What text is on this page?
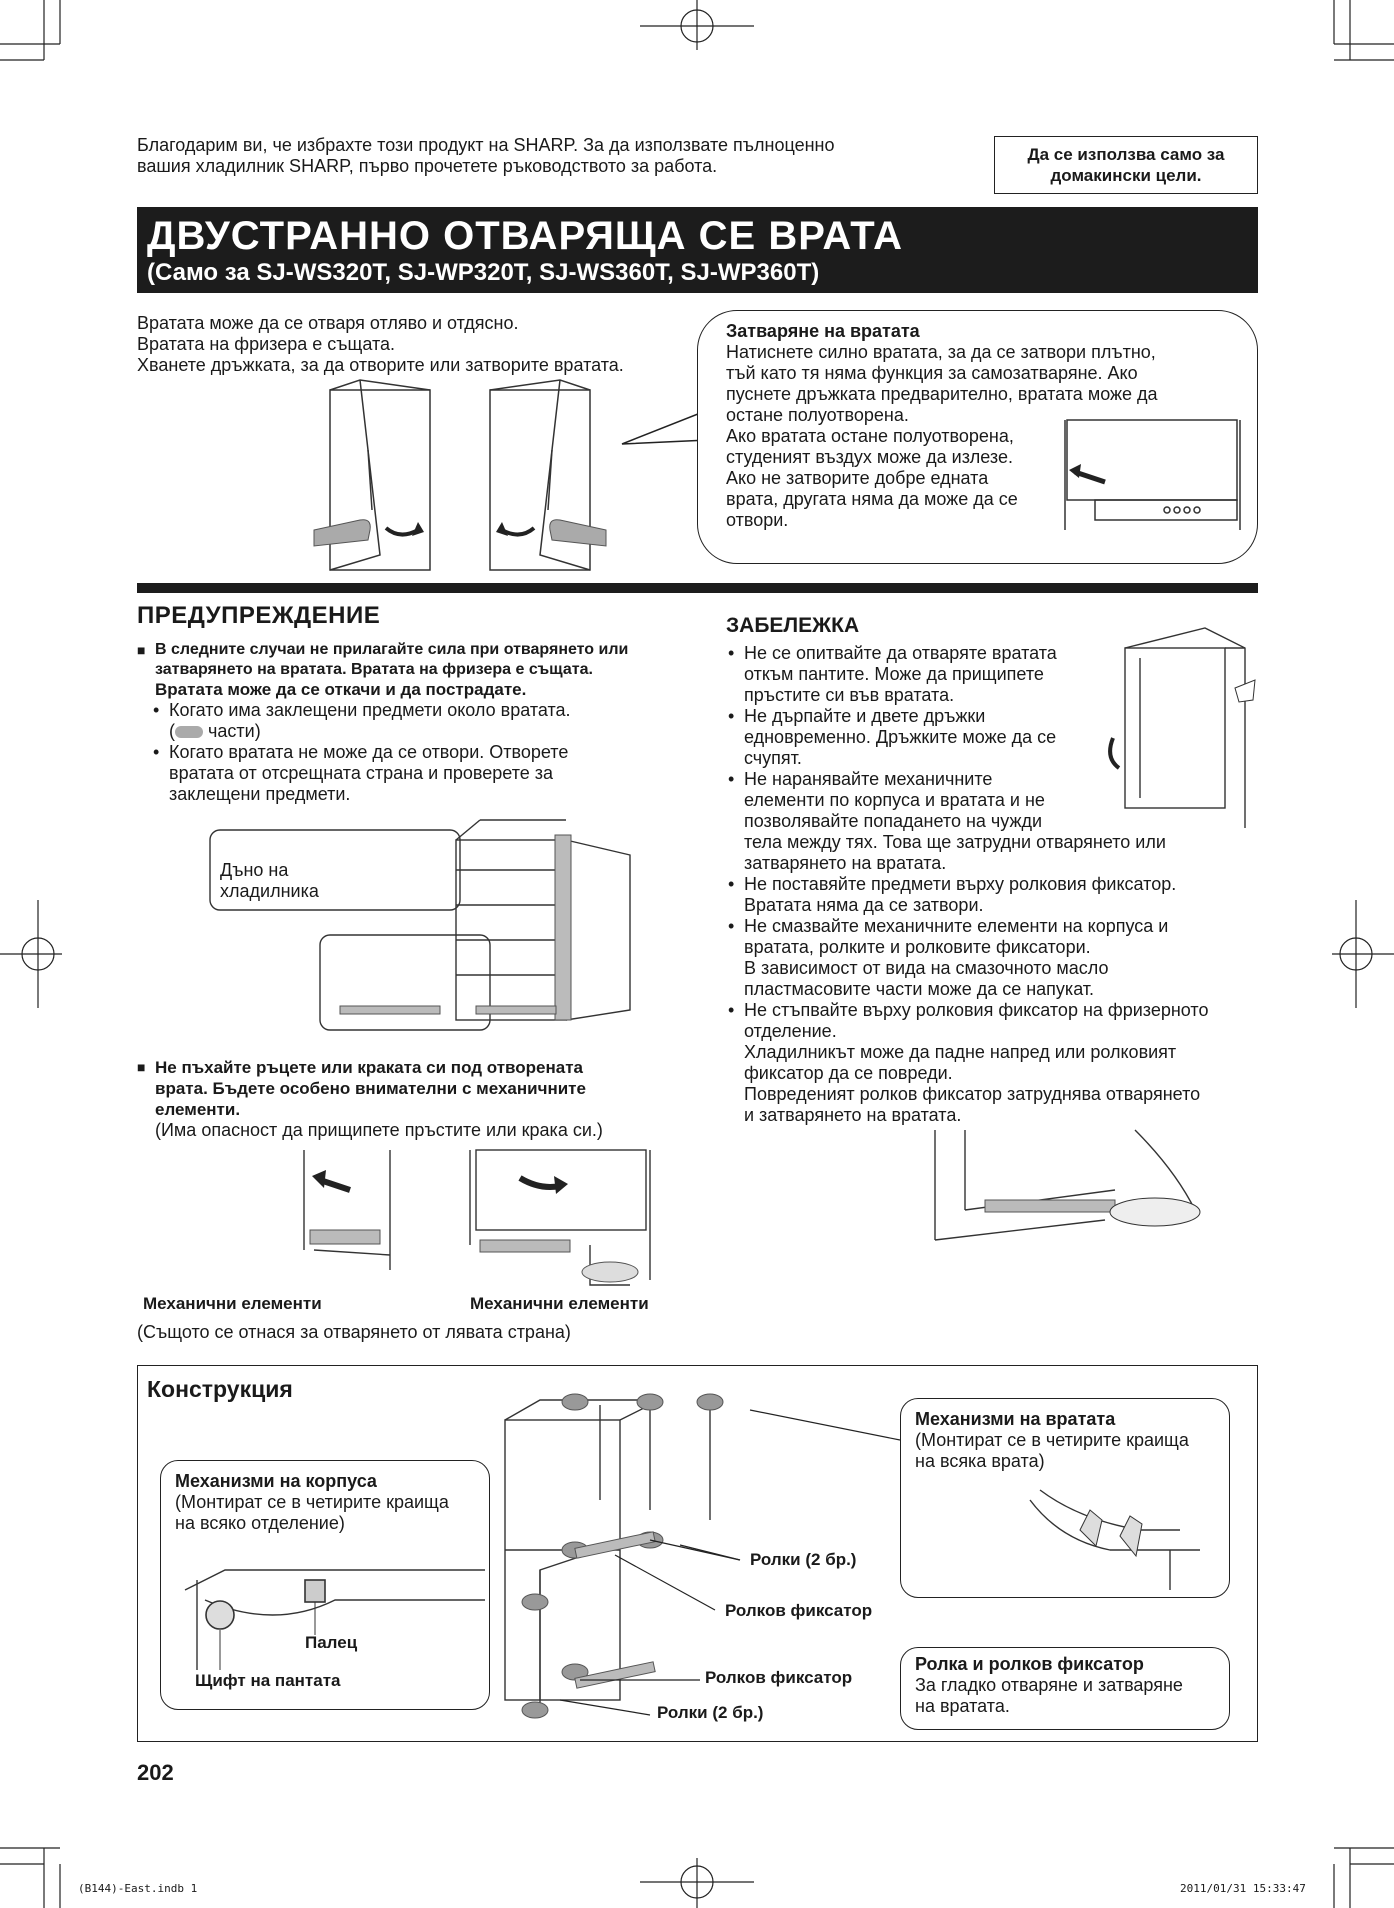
Благодарим ви, че избрахте този продукт на SHARP. За да използвате пълноценно
вашия хладилник SHARP, първо прочетете ръководството за работа.
Да се използва само за
домакински цели.
ДВУСТРАННО ОТВАРЯЩА СЕ ВРАТА
(Само за SJ-WS320T, SJ-WP320T, SJ-WS360T, SJ-WP360T)
Вратата може да се отваря отляво и отдясно.
Вратата на фризера е същата.
Хванете дръжката, за да отворите или затворите вратата.
Затваряне на вратата
Натиснете силно вратата, за да се затвори плътно,
тъй като тя няма функция за самозатваряне. Ако
пуснете дръжката предварително, вратата може да
остане полуотворена.
Ако вратата остане полуотворена,
студеният въздух може да излезе.
Ако не затворите добре едната
врата, другата няма да може да се
отвори.
ПРЕДУПРЕЖДЕНИЕ
■ В следните случаи не прилагайте сила при отварянето или
затварянето на вратата. Вратата на фризера е същата.
Вратата може да се откачи и да пострадате.
• Когато има заклещени предмети около вратата.
( части)
• Когато вратата не може да се отвори. Отворете
вратата от отсрещната страна и проверете за
заклещени предмети.
Дъно на
хладилника
■ Не пъхайте ръцете или краката си под отворената
врата. Бъдете особено внимателни с механичните
елементи.
(Има опасност да прищипете пръстите или крака си.)
Механични елементи	Механични елементи
(Същото се отнася за отварянето от лявата страна)
ЗАБЕЛЕЖКА
• Не се опитвайте да отваряте вратата
откъм пантите. Може да прищипете
пръстите си във вратата.
• Не дърпайте и двете дръжки
едновременно. Дръжките може да се
счупят.
• Не наранявайте механичните
елементи по корпуса и вратата и не
позволявайте попадането на чужди
тела между тях. Това ще затрудни отварянето или
затварянето на вратата.
• Не поставяйте предмети върху ролковия фиксатор.
Вратата няма да се затвори.
• Не смазвайте механичните елементи на корпуса и
вратата, ролките и ролковите фиксатори.
В зависимост от вида на смазочното масло
пластмасовите части може да се напукат.
• Не стъпвайте върху ролковия фиксатор на фризерното
отделение.
Хладилникът може да падне напред или ролковият
фиксатор да се повреди.
Повреденият ролков фиксатор затруднява отварянето
и затварянето на вратата.
Конструкция
Механизми на корпуса
(Монтират се в четирите краища
на всяко отделение)
Палец
Щифт на пантата
Ролки (2 бр.)
Ролков фиксатор
Ролков фиксатор
Ролки (2 бр.)
Механизми на вратата
(Монтират се в четирите краища
на всяка врата)
Ролка и ролков фиксатор
За гладко отваряне и затваряне
на вратата.
202
(B144)-East.indb 1	2011/01/31 15:33:47
